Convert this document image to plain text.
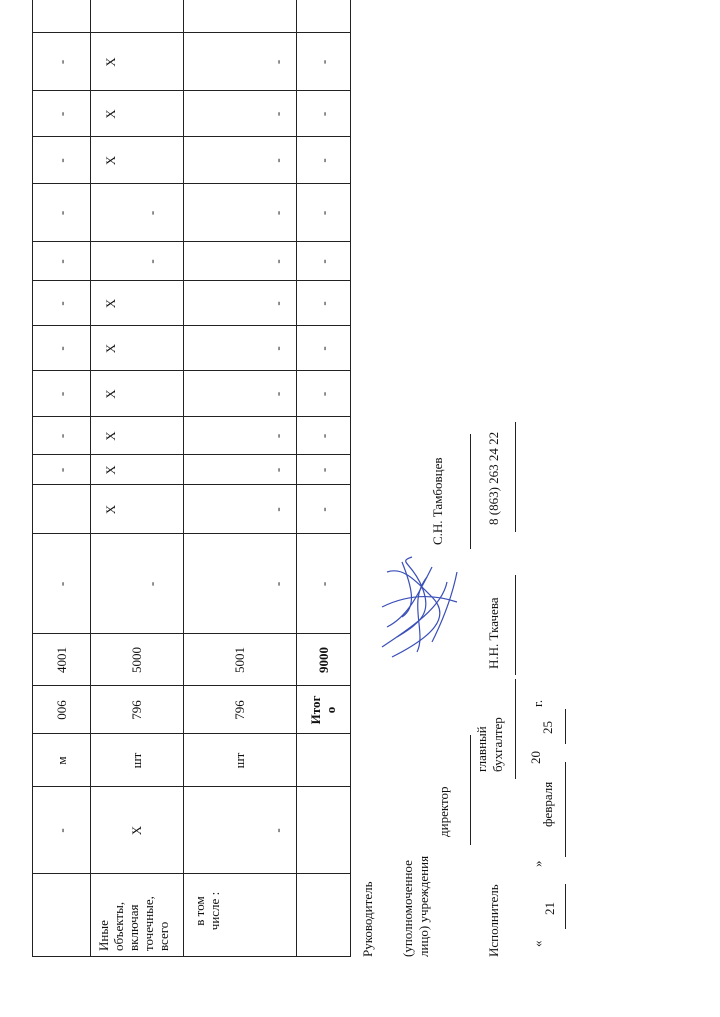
Иные объекты, включая точечные, всего
-
м
006
4001
-
-
-
-
-
-
-
-
-
-
-
X
шт
796
5000
-
X
X
X
X
X
X
-
-
X
X
X
в том числе :
-
шт
796
5001
-
-
-
-
-
-
-
-
-
-
-
-
Итого
9000
-
-
-
-
-
-
-
-
-
-
-
-
Руководитель (уполномоченное лицо) учреждения
директор
С.Н. Тамбовцев
Исполнитель
главный бухгалтер
Н.Н. Ткачева
8 (863) 263 24 22
«
21
»
февраля
20
25
г.
